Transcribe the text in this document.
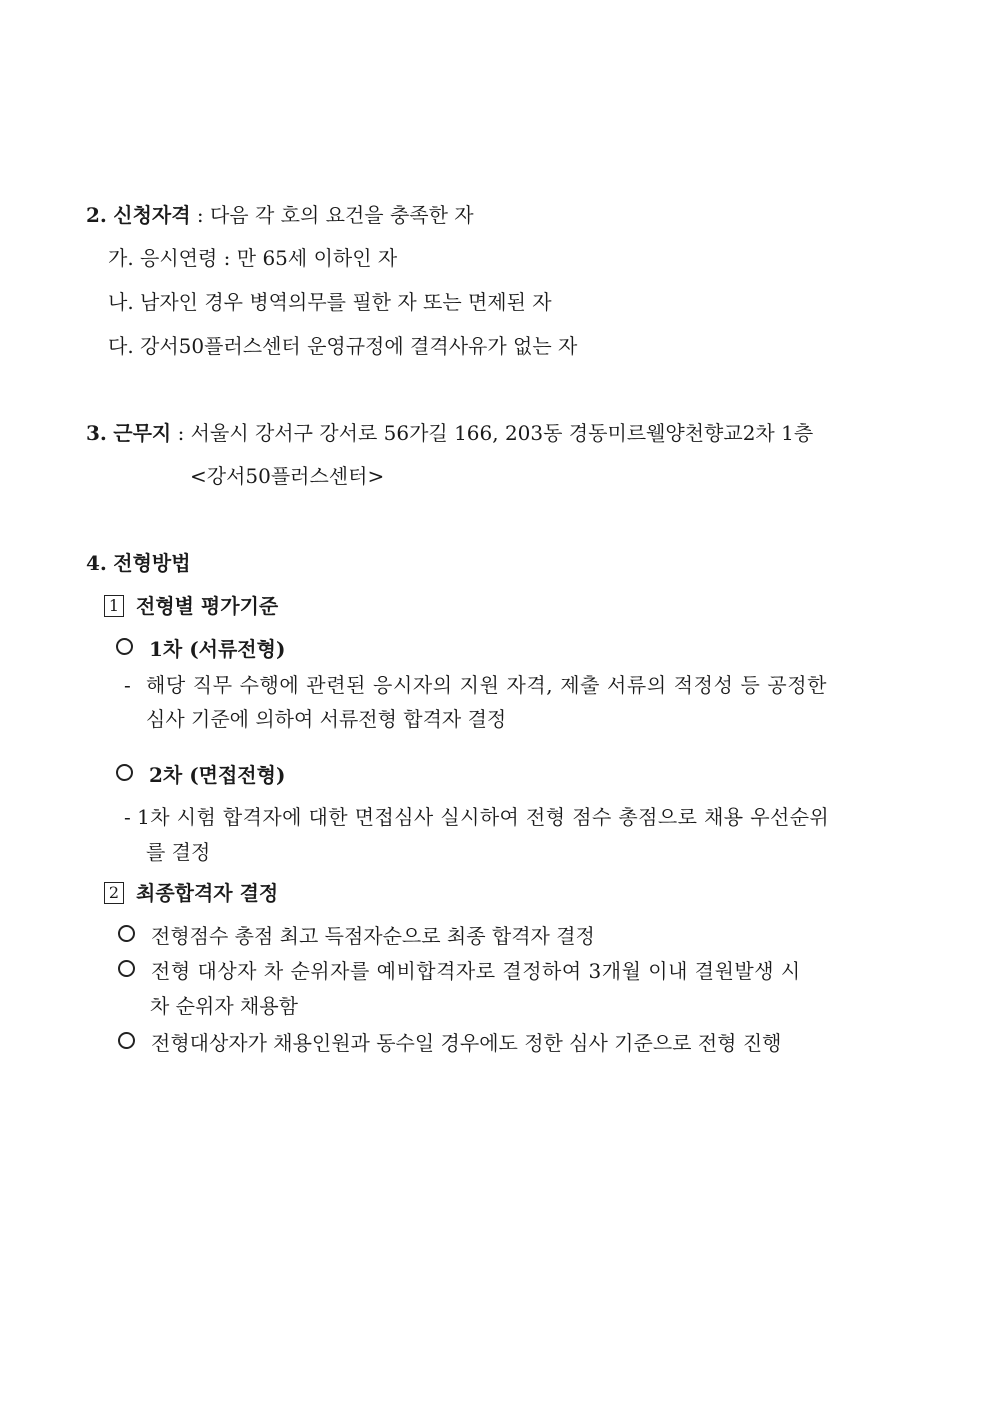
2. 신청자격 : 다음 각 호의 요건을 충족한 자
가. 응시연령 : 만 65세 이하인 자
나. 남자인 경우 병역의무를 필한 자 또는 면제된 자
다. 강서50플러스센터 운영규정에 결격사유가 없는 자
3. 근무지 : 서울시 강서구 강서로 56가길 166, 203동 경동미르웰양천향교2차 1층
<강서50플러스센터>
4. 전형방법
1 전형별 평가기준
1차 (서류전형)
- 해당 직무 수행에 관련된 응시자의 지원 자격, 제출 서류의 적정성 등 공정한
심사 기준에 의하여 서류전형 합격자 결정
2차 (면접전형)
- 1차 시험 합격자에 대한 면접심사 실시하여 전형 점수 총점으로 채용 우선순위
를 결정
2 최종합격자 결정
전형점수 총점 최고 득점자순으로 최종 합격자 결정
전형 대상자 차 순위자를 예비합격자로 결정하여 3개월 이내 결원발생 시
차 순위자 채용함
전형대상자가 채용인원과 동수일 경우에도 정한 심사 기준으로 전형 진행
